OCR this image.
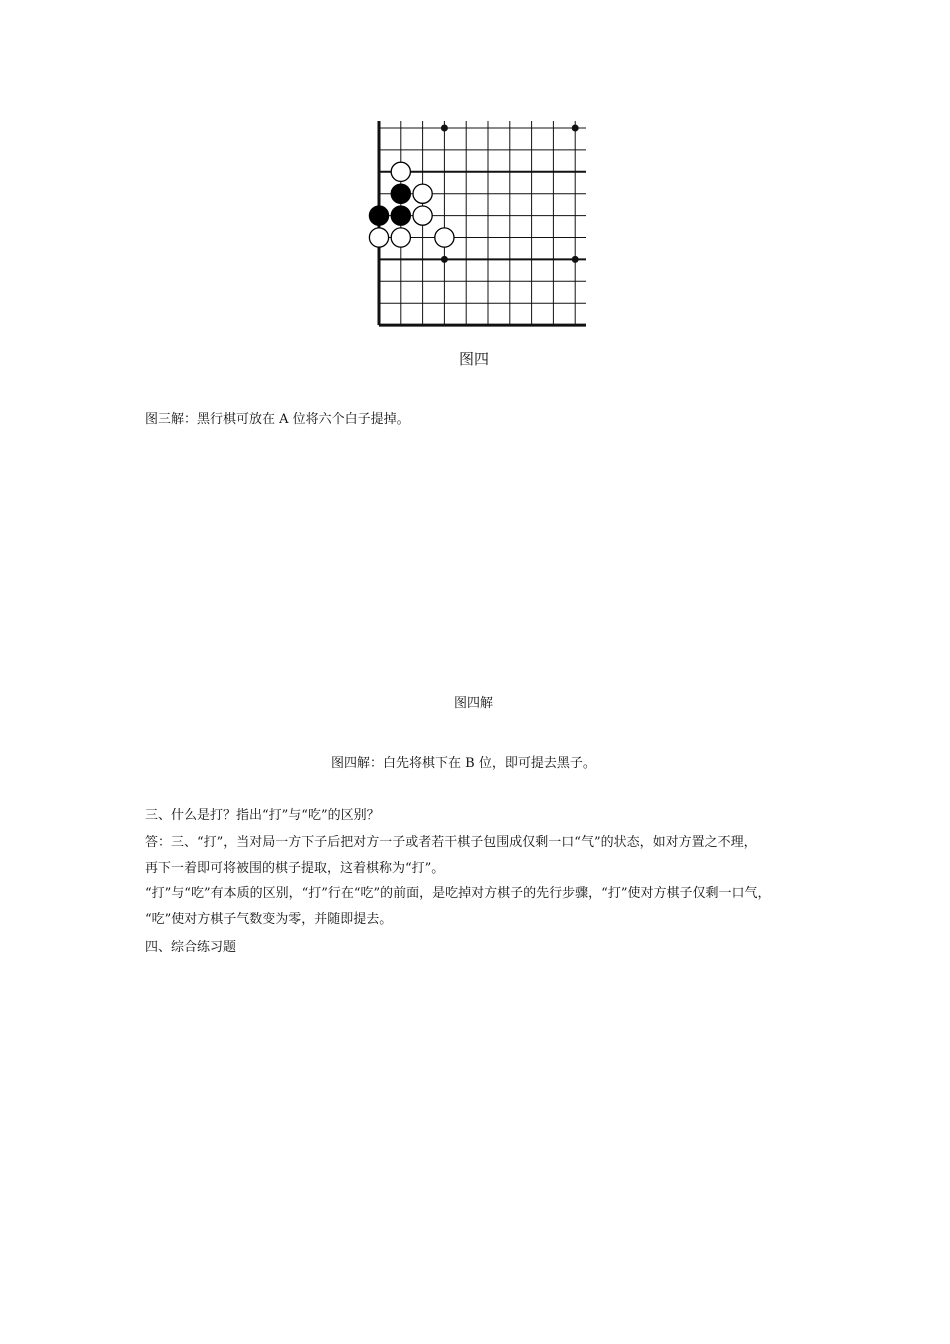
图四
图三解：黑行棋可放在 A 位将六个白子提掉。
图四解
图四解：白先将棋下在 B 位，即可提去黑子。
三、什么是打？指出“打”与“吃”的区别？
答：三、“打”，当对局一方下子后把对方一子或者若干棋子包围成仅剩一口“气”的状态，如对方置之不理，
再下一着即可将被围的棋子提取，这着棋称为“打”。
“打”与“吃”有本质的区别，“打”行在“吃”的前面，是吃掉对方棋子的先行步骤，“打”使对方棋子仅剩一口气，
“吃”使对方棋子气数变为零，并随即提去。
四、综合练习题
